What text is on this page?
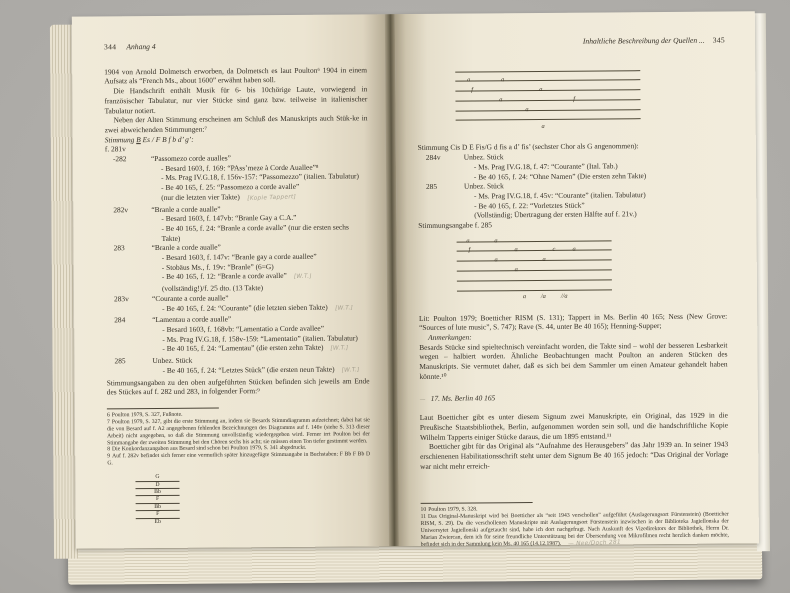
344 Anhang 4

1904 von Arnold Dolmetsch erworben, da Dolmetsch es laut Poulton⁶ 1904 in einem Aufsatz als “French Ms., about 1600” erwähnt haben soll.

Die Handschrift enthält Musik für 6- bis 10chörige Laute, vorwiegend in französischer Tabulatur, nur vier Stücke sind ganz bzw. teilweise in italienischer Tabulatur notiert.

Neben der Alten Stimmung erscheinen am Schluß des Manuskripts auch Stük-ke in zwei abweichenden Stimmungen:⁷

Stimmung B Es / F B f b d’ g’:
f. 281v
-282	“Passomezo corde aualles”
- Besard 1603, f. 169: “PAss’meze à Corde Auallee”⁸
- Ms. Prag IV.G.18, f. 156v-157: “Passomezzo” (italien. Tabulatur)
- Be 40 165, f. 25: “Passomezo a corde avalle”
(nur die letzten vier Takte) [Kopie Tappert]
282v	“Branle a corde aualle”
- Besard 1603, f. 147vb: “Branle Gay a C.A.”
- Be 40 165, f. 24: “Branle a corde avalle” (nur die ersten sechs Takte)
283	“Branle a corde aualle”
- Besard 1603, f. 147v: “Branle gay a corde auallee”
- Stobäus Ms., f. 19v: “Branle” (6=G)
- Be 40 165, f. 12: “Branle a corde avalle” [W.T.]
(vollständig!)/f. 25 dto. (13 Takte)
283v	“Courante a corde aualle”
- Be 40 165, f. 24: “Courante” (die letzten sieben Takte) [W.T.]
284	“Lamentau a corde aualle”
- Besard 1603, f. 168vb: “Lamentatio a Corde avallee”
- Ms. Prag IV.G.18, f. 158v-159: “Lamentatio” (italien. Tabulatur)
- Be 40 165, f. 24: “Lamentau” (die ersten zehn Takte) [W.T.]
285	Unbez. Stück
- Be 40 165, f. 24: “Letztes Stück” (die ersten neun Takte) [W.T.]

Stimmungsangaben zu den oben aufgeführten Stücken befinden sich jeweils am Ende des Stückes auf f. 282 und 283, in folgender Form:⁹

6 Poulton 1979, S. 327, Fußnote.
7 Poulton 1979, S. 327, gibt die erste Stimmung an, indem sie Besards Stimmdiagramm aufzeichnet; dabei hat sie die von Besard auf f. A2 angegebenen fehlenden Bezeichnungen des Diagramms auf f. 146v (siehe S. 313 dieser Arbeit) nicht angegeben, so daß die Stimmung unvollständig wiedergegeben wird. Ferner irrt Poulton bei der Stimmangabe der zweiten Stimmung bei den Chören sechs bis acht; sie müssen einen Ton tiefer gestimmt werden.
8 Die Konkordanzangaben aus Besard sind schon bei Poulton 1979, S. 341 abgedruckt.
9 Auf f. 282v befindet sich ferner eine vermutlich später hinzugefügte Stimmangabe in Buchstaben: F Bb F Bb D G.
G
D
Bb
F
Bb
F
Eb
Inhaltliche Beschreibung der Quellen ... 345
a	a
f	a
a	f
a
a
Stimmung Cis D E Fis/G d fis a d’ fis’ (sechster Chor als G angenommen):
284v	Unbez. Stück
- Ms. Prag IV.G.18, f. 47: “Courante” (Ital. Tab.)
- Be 40 165, f. 24: “Ohne Namen” (Die ersten zehn Takte)
285	Unbez. Stück
- Ms. Prag IV.G.18, f. 45v: “Courante” (italien. Tabulatur)
- Be 40 165, f. 22: “Vorletztes Stück”
(Vollständig; Übertragung der ersten Hälfte auf f. 21v.)
Stimmungsangabe f. 285
a	a
f	a	c	a
a	a
a
a /a //a

Lit: Poulton 1979; Boetticher RISM (S. 131); Tappert in Ms. Berlin 40 165; Ness (New Grove: “Sources of lute music”, S. 747); Rave (S. 44, unter Be 40 165); Henning-Supper;

Anmerkungen:

Besards Stücke sind spieltechnisch vereinfacht worden, die Takte sind – wohl der besseren Lesbarkeit wegen – halbiert worden. Ähnliche Beobachtungen macht Poulton an anderen Stücken des Manuskripts. Sie vermutet daher, daß es sich bei dem Sammler um einen Amateur gehandelt haben könnte.¹⁰

— 17. Ms. Berlin 40 165

Laut Boetticher gibt es unter diesem Signum zwei Manuskripte, ein Original, das 1929 in die Preußische Staatsbibliothek, Berlin, aufgenommen worden sein soll, und die handschriftliche Kopie Wilhelm Tapperts einiger Stücke daraus, die um 1895 entstand.¹¹

Boetticher gibt für das Original als “Aufnahme des Herausgebers” das Jahr 1939 an. In seiner 1943 erschienenen Habilitationsschrift steht unter dem Signum Be 40 165 jedoch: “Das Original der Vorlage war nicht mehr erreich-

10 Poulton 1979, S. 328.
11 Das Original-Manuskript wird bei Boetticher als “seit 1943 verschollen” aufgeführt (Auslagerungsort Fürstenstein) (Boetticher RISM, S. 29). Da die verschollenen Manuskripte mit Auslagerungsort Fürstenstein inzwischen in der Biblioteka Jagiellonska der Uniwersytet Jagiellonski aufgetaucht sind, habe ich dort nachgefragt. Nach Auskunft des Vizedirektors der Bibliothek, Herrn Dr. Marian Zwiercan, dem ich für seine freundliche Unterstützung bei der Übersendung von Mikrofilmen recht herzlich danken möchte, befindet sich in der Sammlung kein Ms. 40 165 (14.12.1987). — Nee/Doch 281
